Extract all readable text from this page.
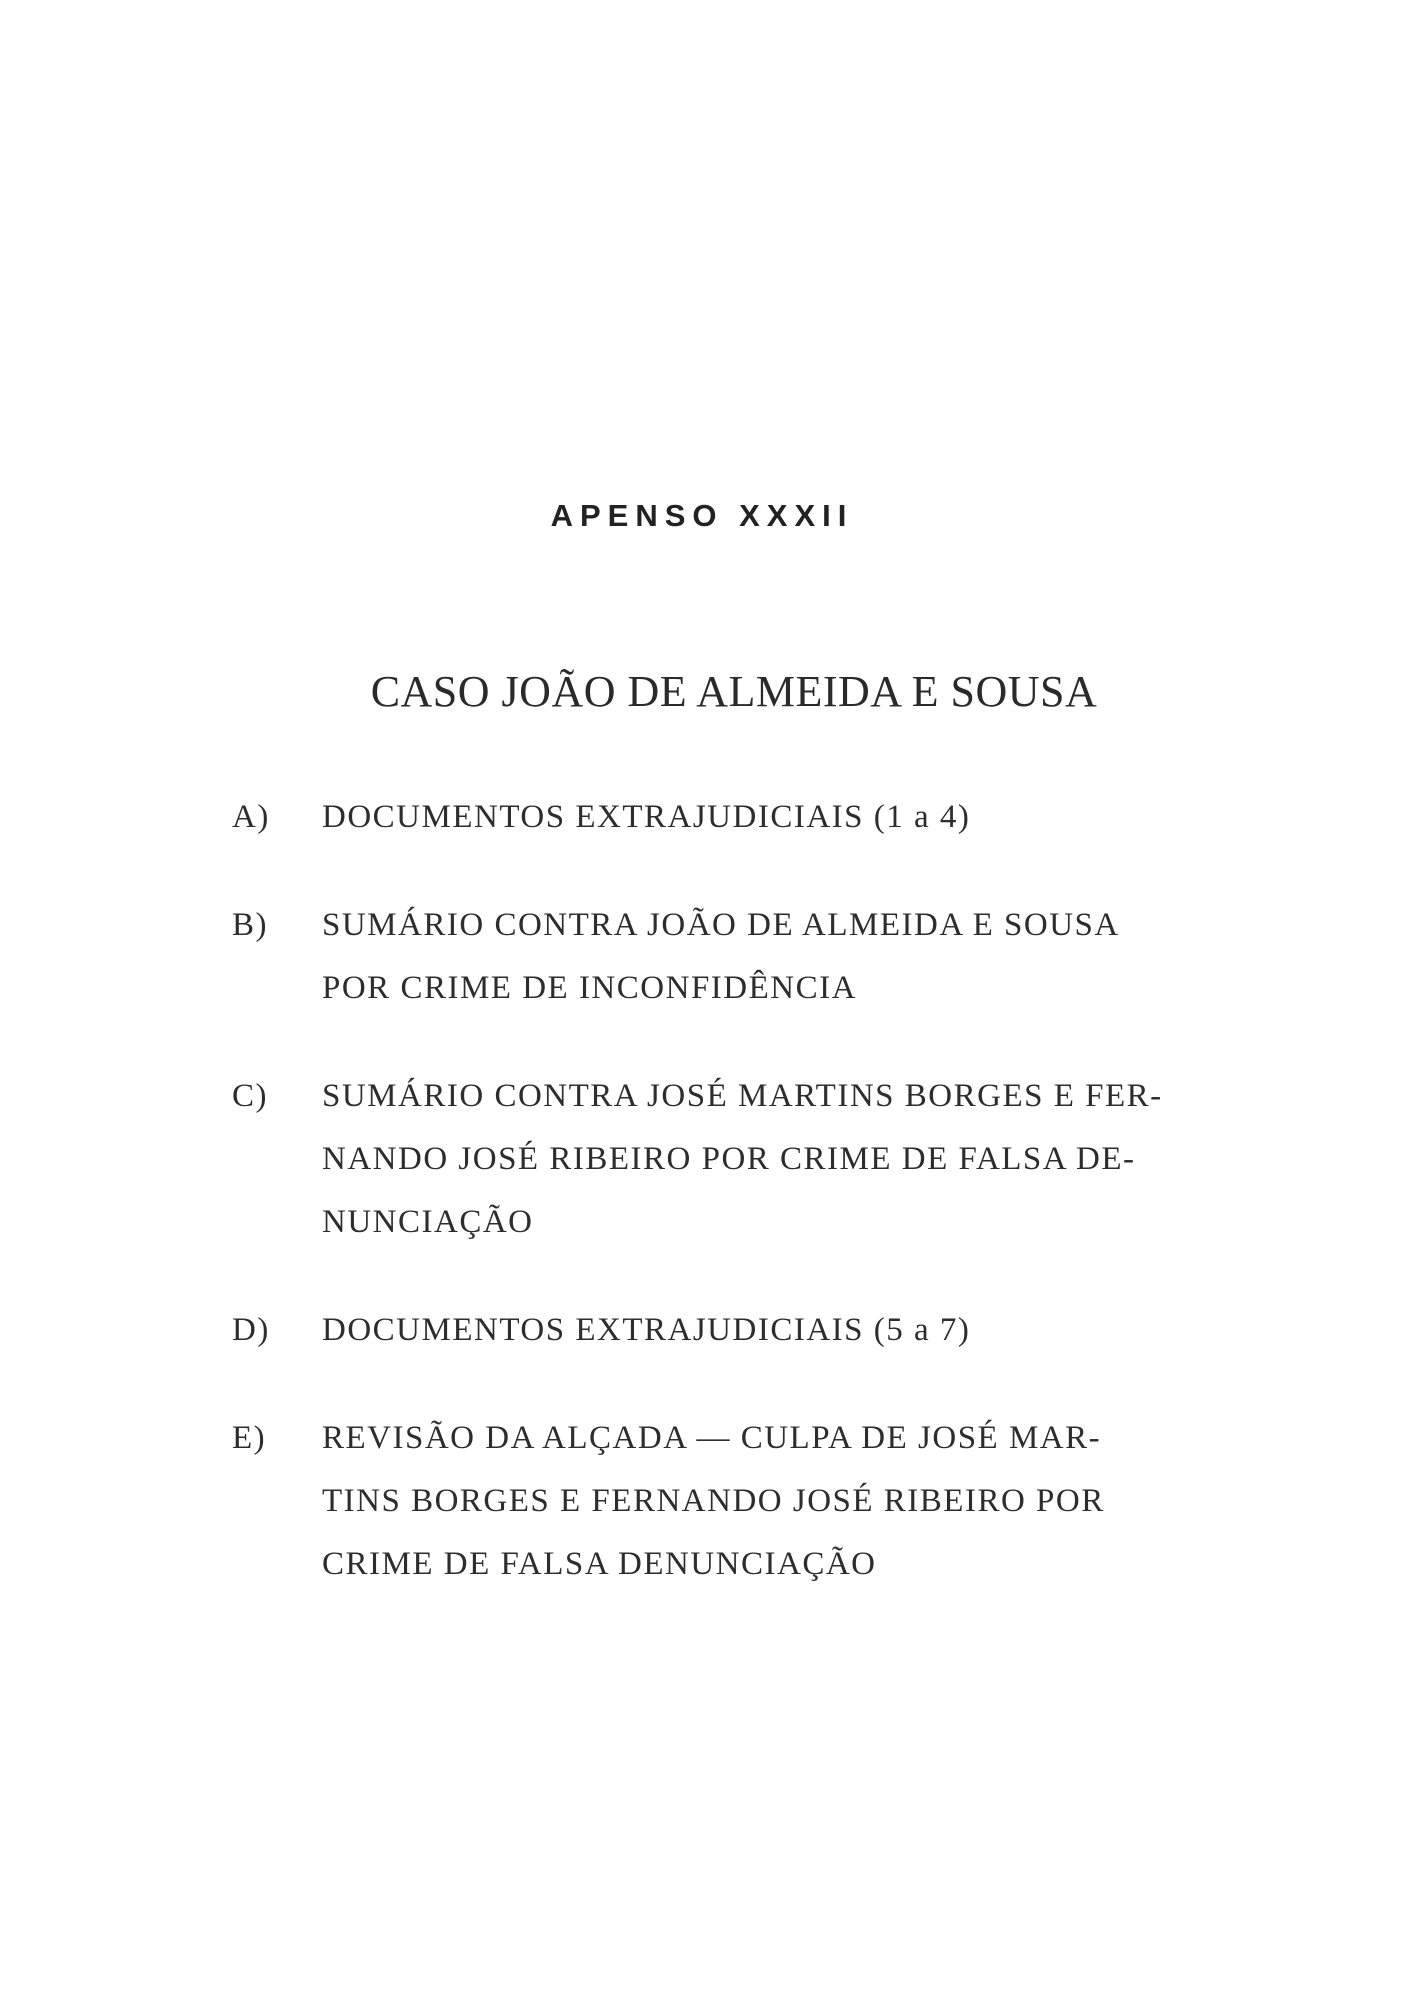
APENSO XXXII
CASO JOÃO DE ALMEIDA E SOUSA
A)	DOCUMENTOS EXTRAJUDICIAIS (1 a 4)
B)	SUMÁRIO CONTRA JOÃO DE ALMEIDA E SOUSA
POR CRIME DE INCONFIDÊNCIA
C)	SUMÁRIO CONTRA JOSÉ MARTINS BORGES E FER-
NANDO JOSÉ RIBEIRO POR CRIME DE FALSA DE-
NUNCIAÇÃO
D)	DOCUMENTOS EXTRAJUDICIAIS (5 a 7)
E)	REVISÃO DA ALÇADA — CULPA DE JOSÉ MAR-
TINS BORGES E FERNANDO JOSÉ RIBEIRO POR
CRIME DE FALSA DENUNCIAÇÃO
